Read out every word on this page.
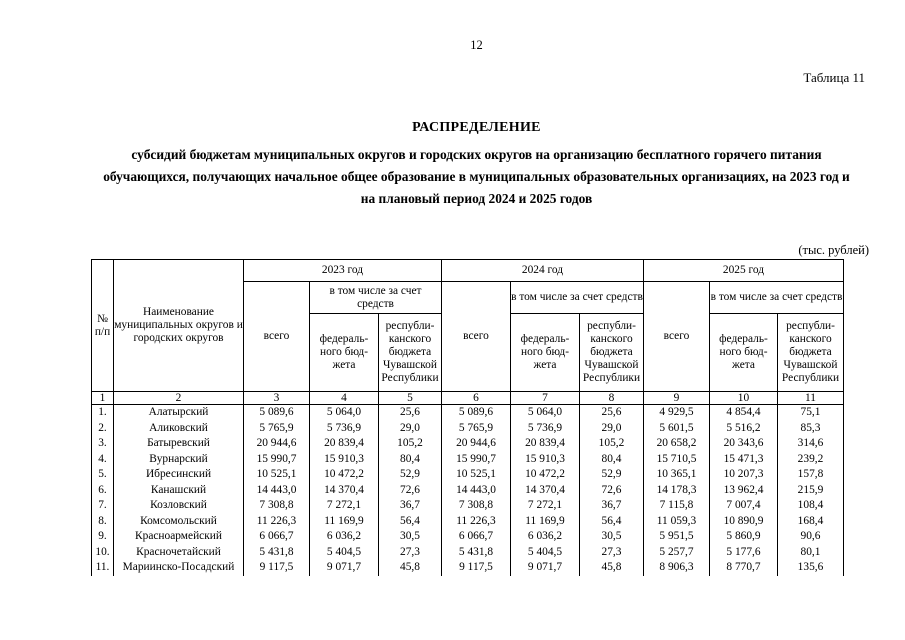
12
Таблица 11
РАСПРЕДЕЛЕНИЕ
субсидий бюджетам муниципальных округов и городских округов на организацию бесплатного горячего питания обучающихся, получающих начальное общее образование в муниципальных образовательных организациях, на 2023 год и на плановый период 2024 и 2025 годов
(тыс. рублей)
№ п/п	Наименование муниципальных округов и городских округов	2023 год			2024 год			2025 год		
		всего	в том числе за счет средств		всего	в том числе за счет средств		всего	в том числе за счет средств	
			федераль- ного бюд- жета	республи- канского бюджета Чувашской Республики		федераль- ного бюд- жета	республи- канского бюджета Чувашской Республики		федераль- ного бюд- жета	республи- канского бюджета Чувашской Республики
1	2	3	4	5	6	7	8	9	10	11
1.	Алатырский	5 089,6	5 064,0	25,6	5 089,6	5 064,0	25,6	4 929,5	4 854,4	75,1
2.	Аликовский	5 765,9	5 736,9	29,0	5 765,9	5 736,9	29,0	5 601,5	5 516,2	85,3
3.	Батыревский	20 944,6	20 839,4	105,2	20 944,6	20 839,4	105,2	20 658,2	20 343,6	314,6
4.	Вурнарский	15 990,7	15 910,3	80,4	15 990,7	15 910,3	80,4	15 710,5	15 471,3	239,2
5.	Ибресинский	10 525,1	10 472,2	52,9	10 525,1	10 472,2	52,9	10 365,1	10 207,3	157,8
6.	Канашский	14 443,0	14 370,4	72,6	14 443,0	14 370,4	72,6	14 178,3	13 962,4	215,9
7.	Козловский	7 308,8	7 272,1	36,7	7 308,8	7 272,1	36,7	7 115,8	7 007,4	108,4
8.	Комсомольский	11 226,3	11 169,9	56,4	11 226,3	11 169,9	56,4	11 059,3	10 890,9	168,4
9.	Красноармейский	6 066,7	6 036,2	30,5	6 066,7	6 036,2	30,5	5 951,5	5 860,9	90,6
10.	Красночетайский	5 431,8	5 404,5	27,3	5 431,8	5 404,5	27,3	5 257,7	5 177,6	80,1
11.	Мариинско-Посадский	9 117,5	9 071,7	45,8	9 117,5	9 071,7	45,8	8 906,3	8 770,7	135,6
